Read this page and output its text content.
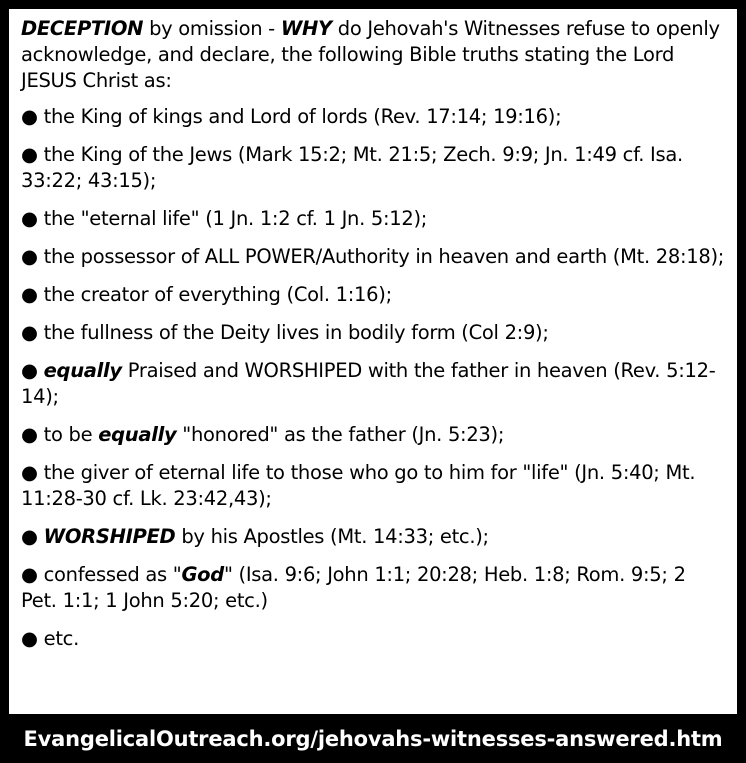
DECEPTION by omission - WHY do Jehovah's Witnesses refuse to openly acknowledge, and declare, the following Bible truths stating the Lord JESUS Christ as:

● the King of kings and Lord of lords (Rev. 17:14; 19:16);

● the King of the Jews (Mark 15:2; Mt. 21:5; Zech. 9:9; Jn. 1:49 cf. Isa. 33:22; 43:15);

● the "eternal life" (1 Jn. 1:2 cf. 1 Jn. 5:12);

● the possessor of ALL POWER/Authority in heaven and earth (Mt. 28:18);

● the creator of everything (Col. 1:16);

● the fullness of the Deity lives in bodily form (Col 2:9);

● equally Praised and WORSHIPED with the father in heaven (Rev. 5:12-14);

● to be equally "honored" as the father (Jn. 5:23);

● the giver of eternal life to those who go to him for "life" (Jn. 5:40; Mt. 11:28-30 cf. Lk. 23:42,43);

● WORSHIPED by his Apostles (Mt. 14:33; etc.);

● confessed as "God" (Isa. 9:6; John 1:1; 20:28; Heb. 1:8; Rom. 9:5; 2 Pet. 1:1; 1 John 5:20; etc.)

● etc.

EvangelicalOutreach.org/jehovahs-witnesses-answered.htm
